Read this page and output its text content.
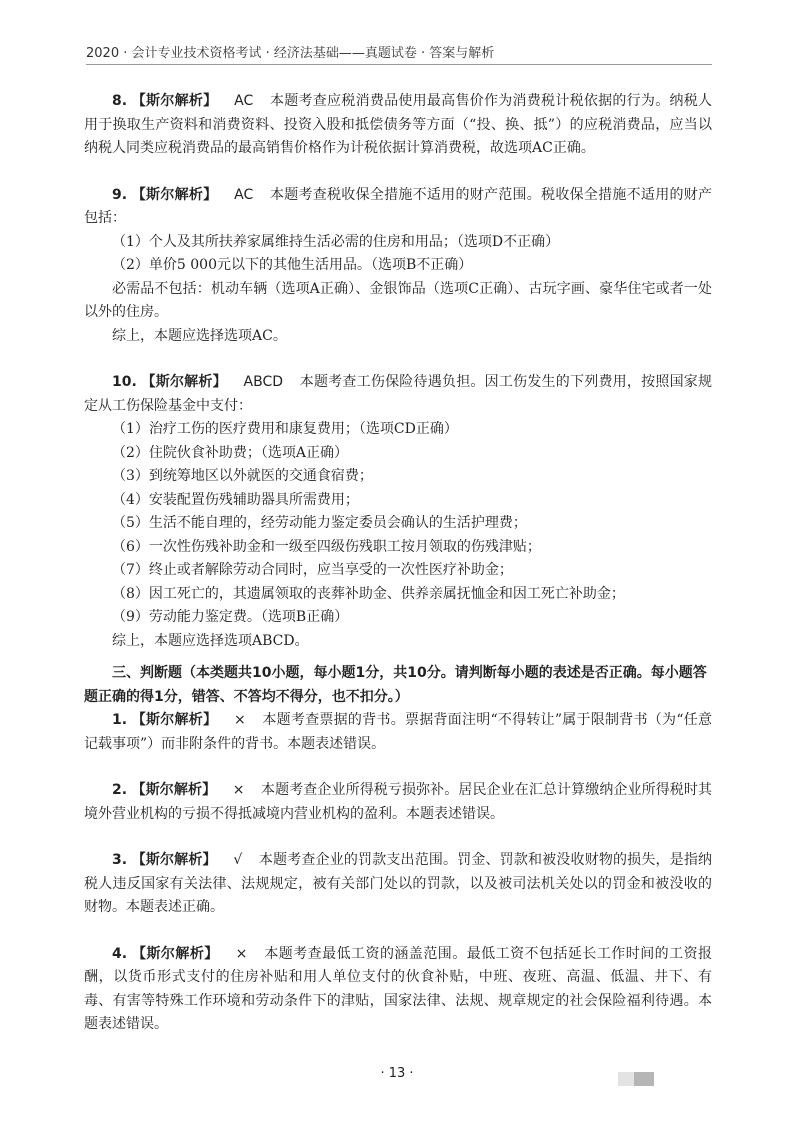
2020 · 会计专业技术资格考试 · 经济法基础——真题试卷 · 答案与解析

8. 【斯尔解析】 AC 本题考查应税消费品使用最高售价作为消费税计税依据的行为。纳税人用于换取生产资料和消费资料、投资入股和抵偿债务等方面（“投、换、抵”）的应税消费品，应当以纳税人同类应税消费品的最高销售价格作为计税依据计算消费税，故选项AC正确。

9. 【斯尔解析】 AC 本题考查税收保全措施不适用的财产范围。税收保全措施不适用的财产包括：

（1）个人及其所扶养家属维持生活必需的住房和用品；（选项D不正确）

（2）单价5 000元以下的其他生活用品。（选项B不正确）

必需品不包括：机动车辆（选项A正确）、金银饰品（选项C正确）、古玩字画、豪华住宅或者一处以外的住房。

综上，本题应选择选项AC。

10. 【斯尔解析】 ABCD 本题考查工伤保险待遇负担。因工伤发生的下列费用，按照国家规定从工伤保险基金中支付：

（1）治疗工伤的医疗费用和康复费用；（选项CD正确）

（2）住院伙食补助费；（选项A正确）

（3）到统筹地区以外就医的交通食宿费；

（4）安装配置伤残辅助器具所需费用；

（5）生活不能自理的，经劳动能力鉴定委员会确认的生活护理费；

（6）一次性伤残补助金和一级至四级伤残职工按月领取的伤残津贴；

（7）终止或者解除劳动合同时，应当享受的一次性医疗补助金；

（8）因工死亡的，其遗属领取的丧葬补助金、供养亲属抚恤金和因工死亡补助金；

（9）劳动能力鉴定费。（选项B正确）

综上，本题应选择选项ABCD。

三、判断题（本类题共10小题，每小题1分，共10分。请判断每小题的表述是否正确。每小题答题正确的得1分，错答、不答均不得分，也不扣分。）

1. 【斯尔解析】 × 本题考查票据的背书。票据背面注明“不得转让”属于限制背书（为“任意记载事项”）而非附条件的背书。本题表述错误。

2. 【斯尔解析】 × 本题考查企业所得税亏损弥补。居民企业在汇总计算缴纳企业所得税时其境外营业机构的亏损不得抵减境内营业机构的盈利。本题表述错误。

3. 【斯尔解析】 √ 本题考查企业的罚款支出范围。罚金、罚款和被没收财物的损失，是指纳税人违反国家有关法律、法规规定，被有关部门处以的罚款，以及被司法机关处以的罚金和被没收的财物。本题表述正确。

4. 【斯尔解析】 × 本题考查最低工资的涵盖范围。最低工资不包括延长工作时间的工资报酬，以货币形式支付的住房补贴和用人单位支付的伙食补贴，中班、夜班、高温、低温、井下、有毒、有害等特殊工作环境和劳动条件下的津贴，国家法律、法规、规章规定的社会保险福利待遇。本题表述错误。

· 13 ·
